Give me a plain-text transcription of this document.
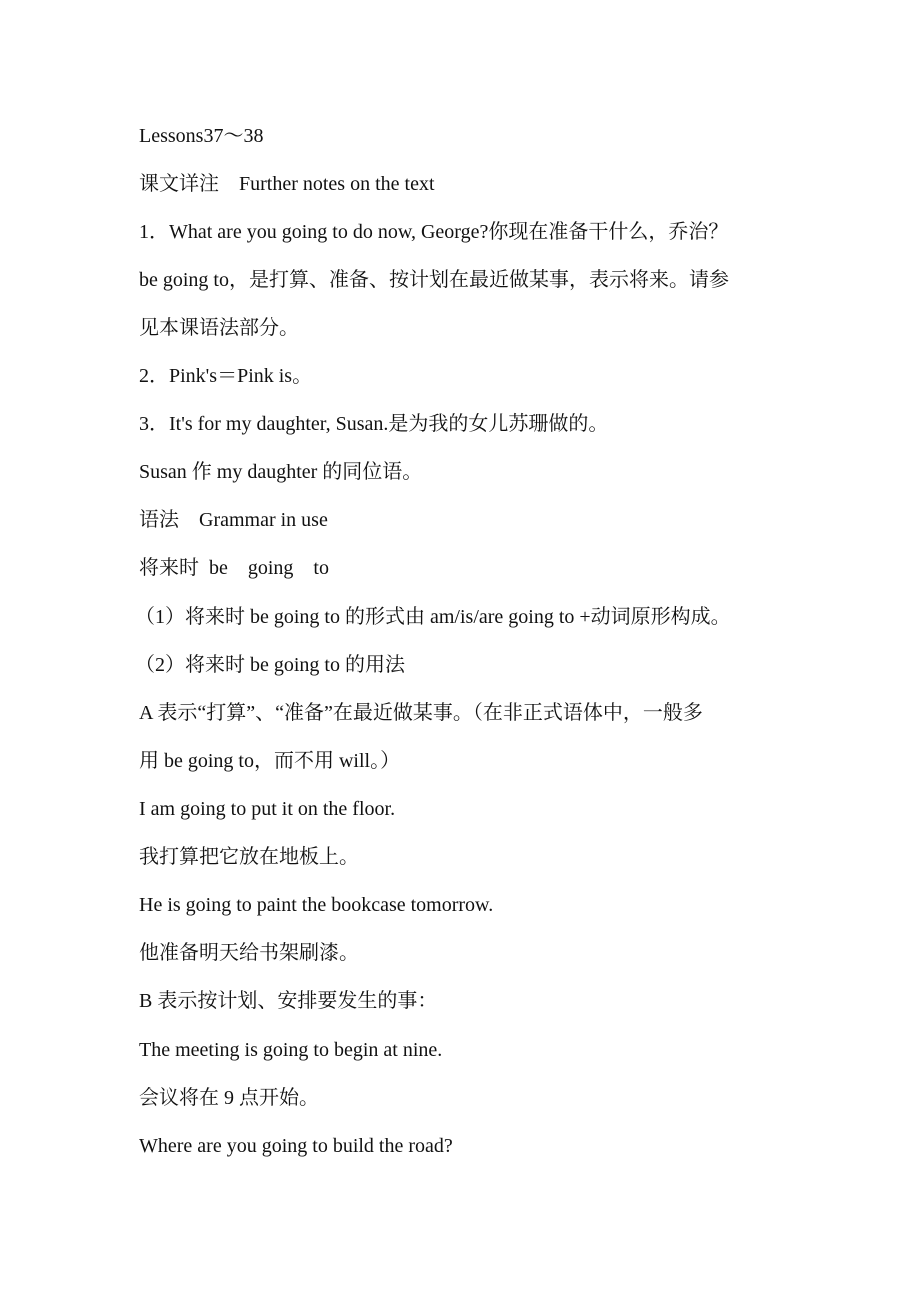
Lessons37～38
课文详注　Further notes on the text
1．What are you going to do now, George?你现在准备干什么，乔治？
be going to，是打算、准备、按计划在最近做某事，表示将来。请参
见本课语法部分。
2．Pink's＝Pink is。
3．It's for my daughter, Susan.是为我的女儿苏珊做的。
Susan 作 my daughter 的同位语。
语法　Grammar in use
将来时  be    going    to
（1）将来时 be going to 的形式由 am/is/are going to +动词原形构成。
（2）将来时 be going to 的用法
A 表示“打算”、“准备”在最近做某事。（在非正式语体中，一般多
用 be going to，而不用 will。）
I am going to put it on the floor.
我打算把它放在地板上。
He is going to paint the bookcase tomorrow.
他准备明天给书架刷漆。
B 表示按计划、安排要发生的事：
The meeting is going to begin at nine.
会议将在 9 点开始。
Where are you going to build the road?
